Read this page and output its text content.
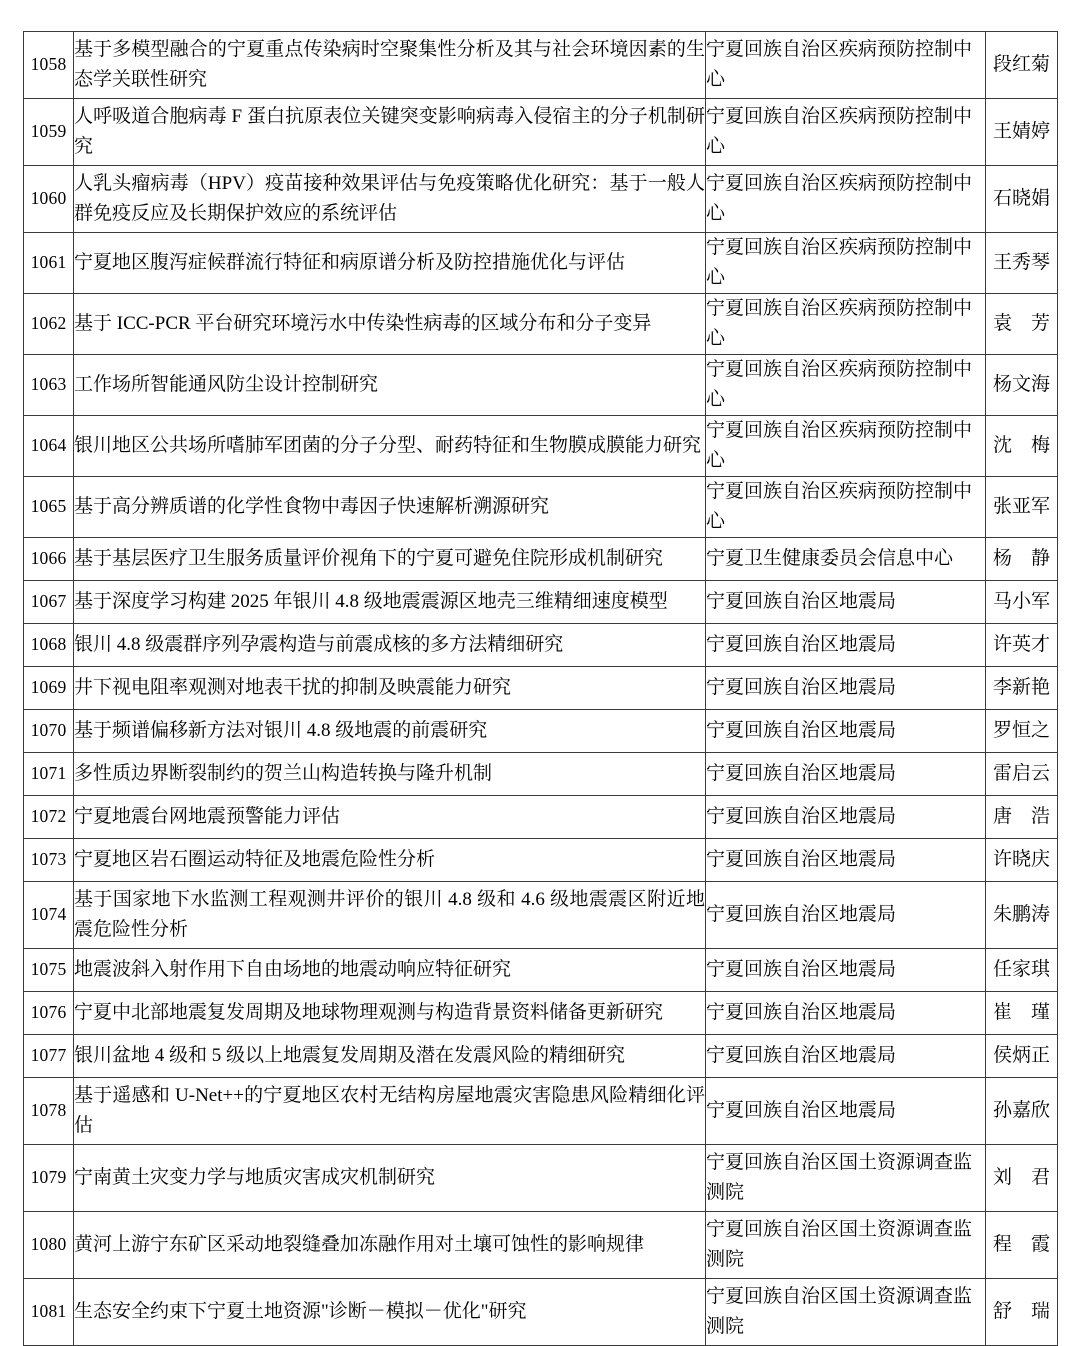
1058	基于多模型融合的宁夏重点传染病时空聚集性分析及其与社会环境因素的生态学关联性研究	宁夏回族自治区疾病预防控制中心	段红菊
1059	人呼吸道合胞病毒 F 蛋白抗原表位关键突变影响病毒入侵宿主的分子机制研究	宁夏回族自治区疾病预防控制中心	王婧婷
1060	人乳头瘤病毒（HPV）疫苗接种效果评估与免疫策略优化研究：基于一般人群免疫反应及长期保护效应的系统评估	宁夏回族自治区疾病预防控制中心	石晓娟
1061	宁夏地区腹泻症候群流行特征和病原谱分析及防控措施优化与评估	宁夏回族自治区疾病预防控制中心	王秀琴
1062	基于 ICC-PCR 平台研究环境污水中传染性病毒的区域分布和分子变异	宁夏回族自治区疾病预防控制中心	袁　芳
1063	工作场所智能通风防尘设计控制研究	宁夏回族自治区疾病预防控制中心	杨文海
1064	银川地区公共场所嗜肺军团菌的分子分型、耐药特征和生物膜成膜能力研究	宁夏回族自治区疾病预防控制中心	沈　梅
1065	基于高分辨质谱的化学性食物中毒因子快速解析溯源研究	宁夏回族自治区疾病预防控制中心	张亚军
1066	基于基层医疗卫生服务质量评价视角下的宁夏可避免住院形成机制研究	宁夏卫生健康委员会信息中心	杨　静
1067	基于深度学习构建 2025 年银川 4.8 级地震震源区地壳三维精细速度模型	宁夏回族自治区地震局	马小军
1068	银川 4.8 级震群序列孕震构造与前震成核的多方法精细研究	宁夏回族自治区地震局	许英才
1069	井下视电阻率观测对地表干扰的抑制及映震能力研究	宁夏回族自治区地震局	李新艳
1070	基于频谱偏移新方法对银川 4.8 级地震的前震研究	宁夏回族自治区地震局	罗恒之
1071	多性质边界断裂制约的贺兰山构造转换与隆升机制	宁夏回族自治区地震局	雷启云
1072	宁夏地震台网地震预警能力评估	宁夏回族自治区地震局	唐　浩
1073	宁夏地区岩石圈运动特征及地震危险性分析	宁夏回族自治区地震局	许晓庆
1074	基于国家地下水监测工程观测井评价的银川 4.8 级和 4.6 级地震震区附近地震危险性分析	宁夏回族自治区地震局	朱鹏涛
1075	地震波斜入射作用下自由场地的地震动响应特征研究	宁夏回族自治区地震局	任家琪
1076	宁夏中北部地震复发周期及地球物理观测与构造背景资料储备更新研究	宁夏回族自治区地震局	崔　瑾
1077	银川盆地 4 级和 5 级以上地震复发周期及潜在发震风险的精细研究	宁夏回族自治区地震局	侯炳正
1078	基于遥感和 U-Net++的宁夏地区农村无结构房屋地震灾害隐患风险精细化评估	宁夏回族自治区地震局	孙嘉欣
1079	宁南黄土灾变力学与地质灾害成灾机制研究	宁夏回族自治区国土资源调查监测院	刘　君
1080	黄河上游宁东矿区采动地裂缝叠加冻融作用对土壤可蚀性的影响规律	宁夏回族自治区国土资源调查监测院	程　霞
1081	生态安全约束下宁夏土地资源"诊断－模拟－优化"研究	宁夏回族自治区国土资源调查监测院	舒　瑞
